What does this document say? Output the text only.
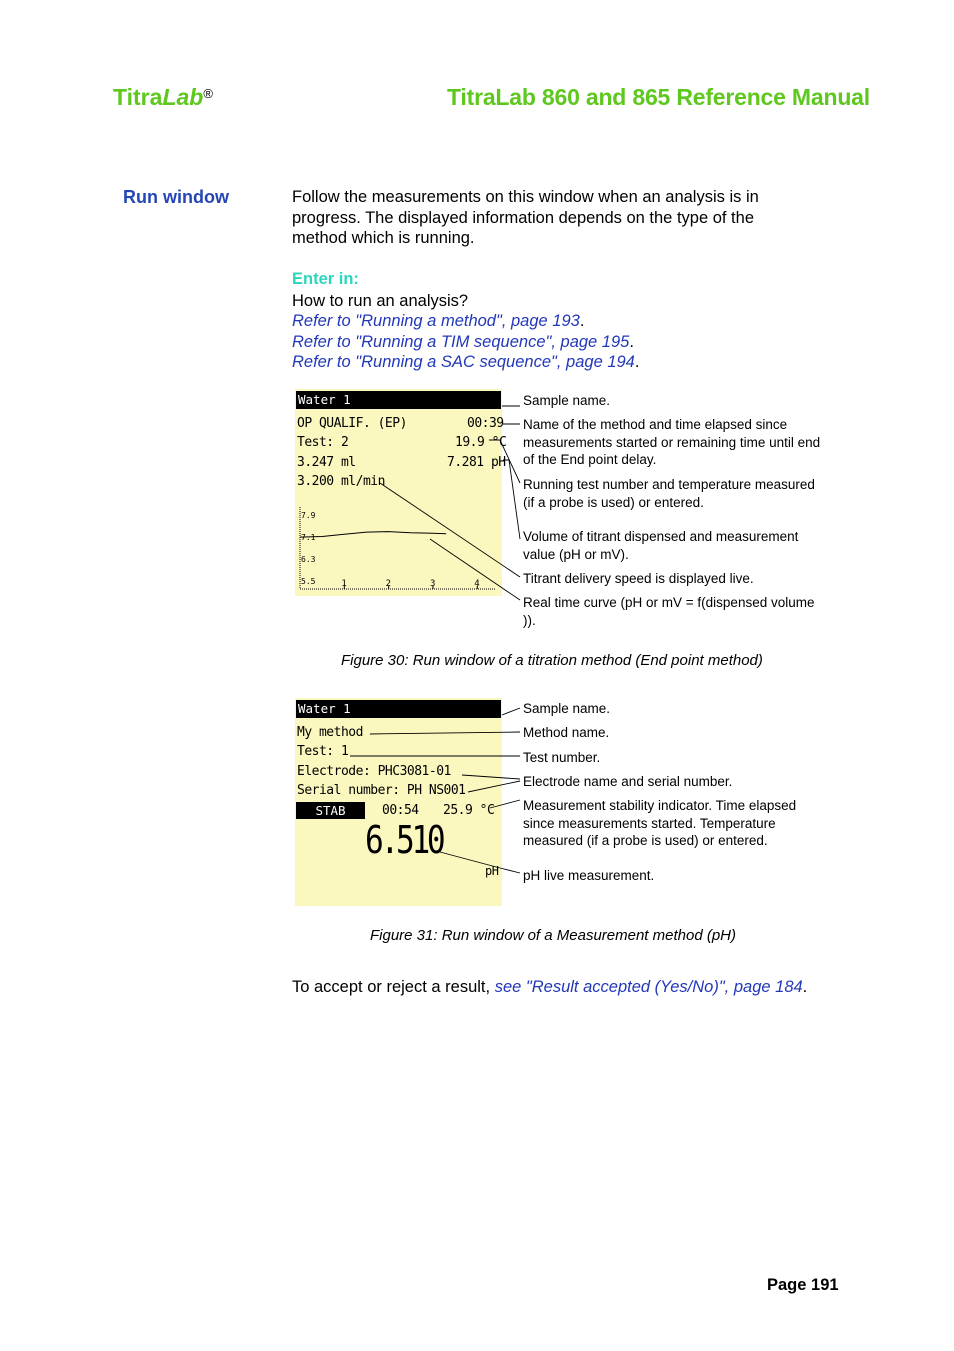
TitraLab®	TitraLab 860 and 865 Reference Manual
Run window	Follow the measurements on this window when an analysis is in progress. The displayed information depends on the type of the method which is running.
Enter in:
How to run an analysis?
Refer to "Running a method", page 193.
Refer to "Running a TIM sequence", page 195.
Refer to "Running a SAC sequence", page 194.
Water 1
OP QUALIF. (EP)	00:39
Test: 2	19.9 °C
3.247 ml	7.281 pH
3.200 ml/min
7.9
7.1
6.3
5.5	1	2	3	4
Sample name.
Name of the method and time elapsed since measurements started or remaining time until end of the End point delay.
Running test number and temperature measured (if a probe is used) or entered.
Volume of titrant dispensed and measurement value (pH or mV).
Titrant delivery speed is displayed live.
Real time curve (pH or mV = f(dispensed volume )).
Figure 30: Run window of a titration method (End point method)
Water 1
My method
Test: 1
Electrode: PHC3081-01
Serial number: PH NS001
STAB	00:54 25.9 °C
6.510
pH
Sample name.
Method name.
Test number.
Electrode name and serial number.
Measurement stability indicator. Time elapsed since measurements started. Temperature measured (if a probe is used) or entered.
pH live measurement.
Figure 31: Run window of a Measurement method (pH)
To accept or reject a result, see "Result accepted (Yes/No)", page 184.
Page 191
